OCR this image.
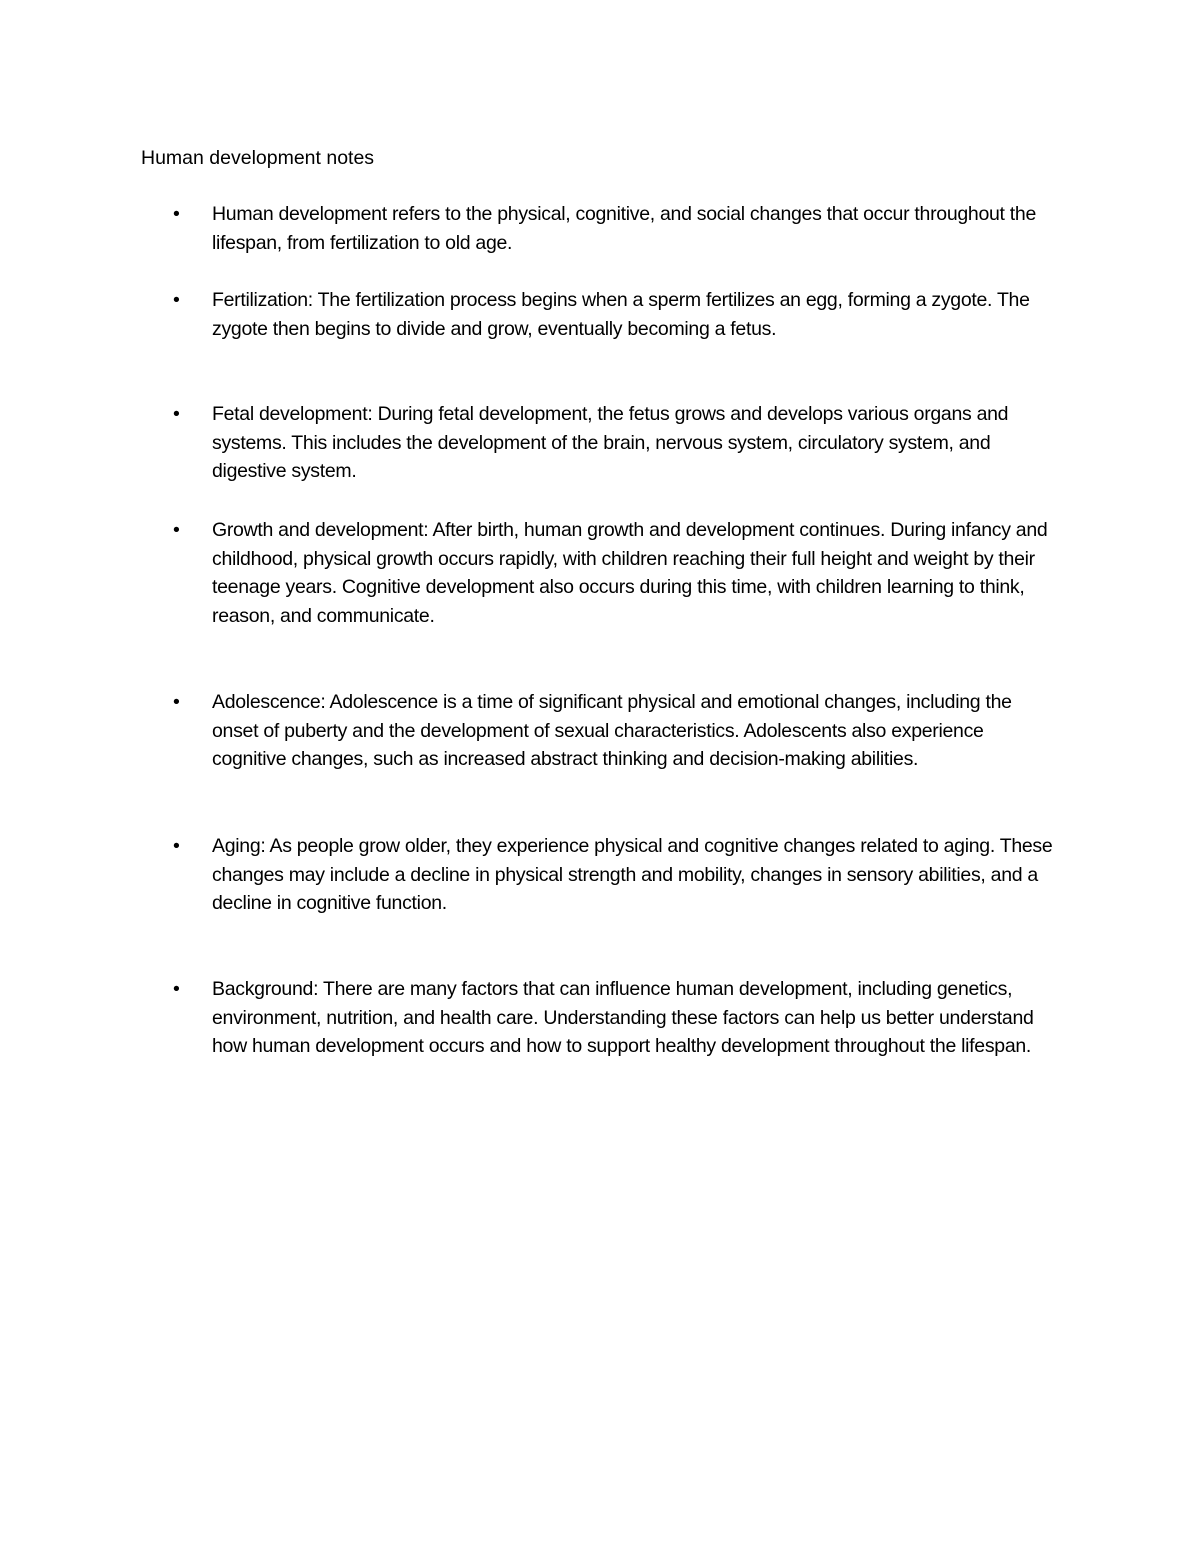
Human development notes
• Human development refers to the physical, cognitive, and social changes that occur throughout the lifespan, from fertilization to old age.
• Fertilization: The fertilization process begins when a sperm fertilizes an egg, forming a zygote. The zygote then begins to divide and grow, eventually becoming a fetus.
• Fetal development: During fetal development, the fetus grows and develops various organs and systems. This includes the development of the brain, nervous system, circulatory system, and digestive system.
• Growth and development: After birth, human growth and development continues. During infancy and childhood, physical growth occurs rapidly, with children reaching their full height and weight by their teenage years. Cognitive development also occurs during this time, with children learning to think, reason, and communicate.
• Adolescence: Adolescence is a time of significant physical and emotional changes, including the onset of puberty and the development of sexual characteristics. Adolescents also experience cognitive changes, such as increased abstract thinking and decision-making abilities.
• Aging: As people grow older, they experience physical and cognitive changes related to aging. These changes may include a decline in physical strength and mobility, changes in sensory abilities, and a decline in cognitive function.
• Background: There are many factors that can influence human development, including genetics, environment, nutrition, and health care. Understanding these factors can help us better understand how human development occurs and how to support healthy development throughout the lifespan.
